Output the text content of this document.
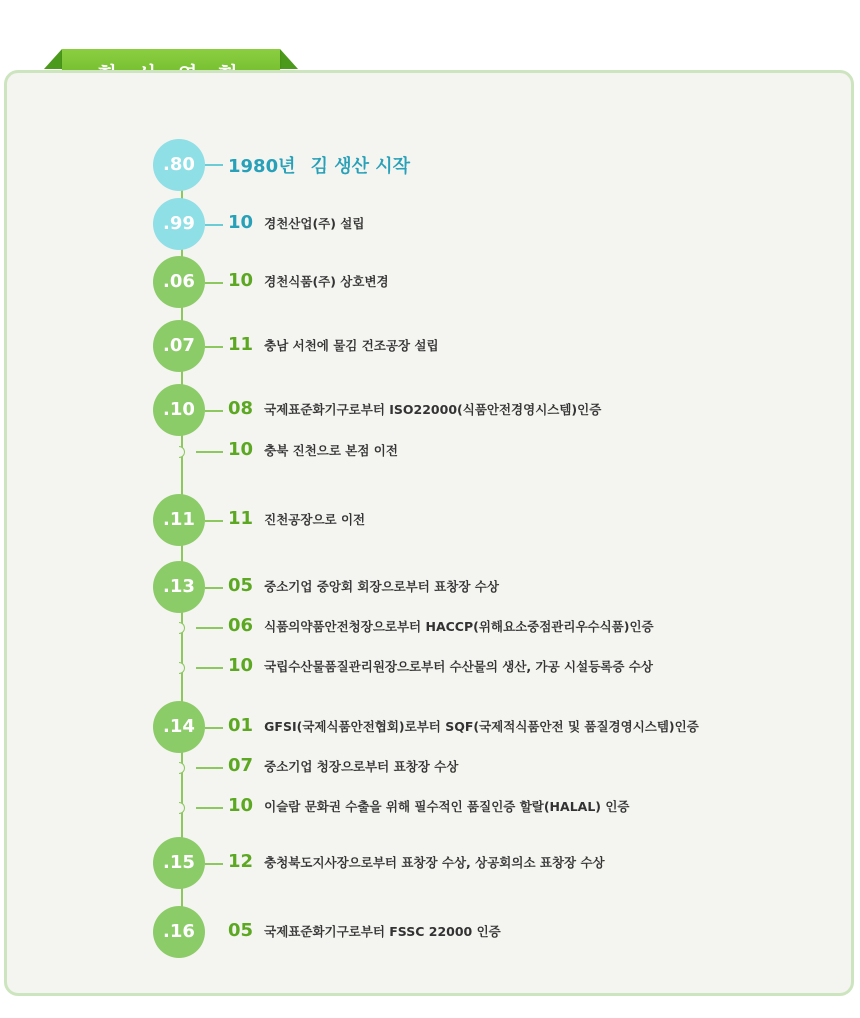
.80	1980년 김 생산 시작
.99	10 경천산업(주) 설립
.06	10 경천식품(주) 상호변경
.07	11 충남 서천에 물김 건조공장 설립
.10	08 국제표준화기구로부터 ISO22000(식품안전경영시스템)인증
10 충북 진천으로 본점 이전
.11	11 진천공장으로 이전
.13	05 중소기업 중앙회 회장으로부터 표창장 수상
06 식품의약품안전청장으로부터 HACCP(위해요소중점관리우수식품)인증
10 국립수산물품질관리원장으로부터 수산물의 생산, 가공 시설등록증 수상
.14	01 GFSI(국제식품안전협회)로부터 SQF(국제적식품안전 및 품질경영시스템)인증
07 중소기업 청장으로부터 표창장 수상
10 이슬람 문화권 수출을 위해 필수적인 품질인증 할랄(HALAL) 인증
.15	12 충청북도지사장으로부터 표창장 수상, 상공회의소 표창장 수상
.16	05 국제표준화기구로부터 FSSC 22000 인증
